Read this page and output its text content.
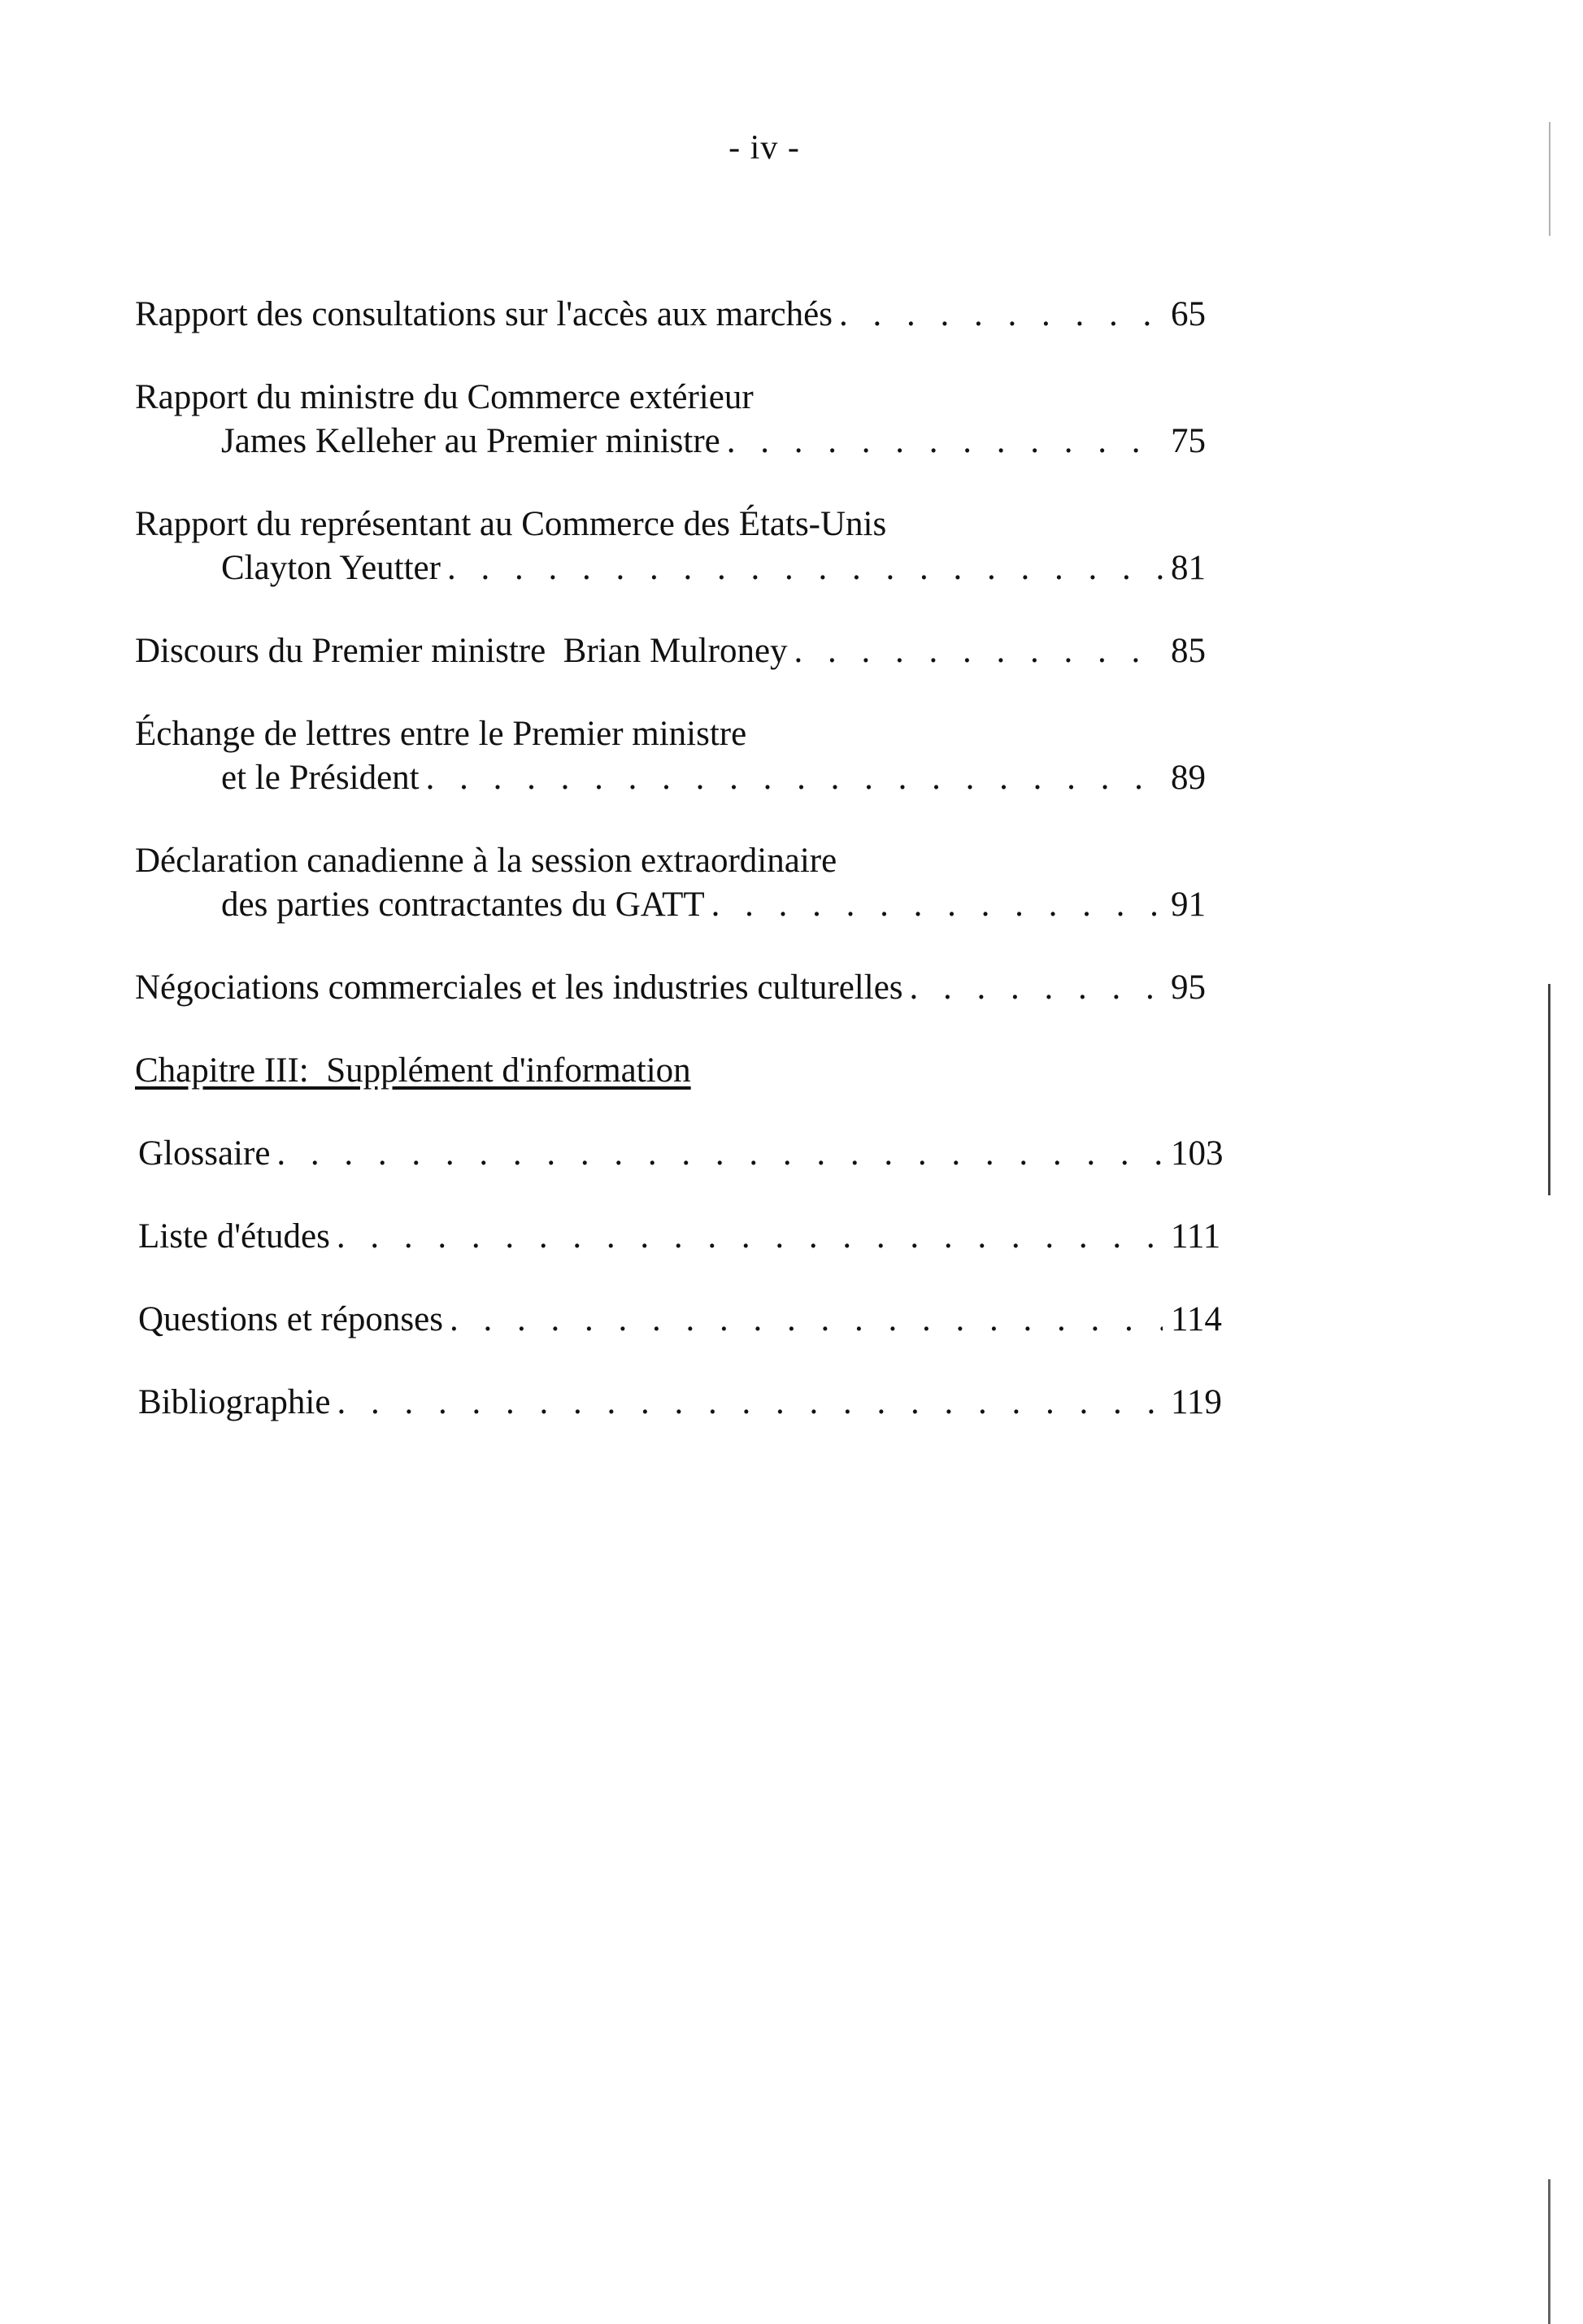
- iv -
Rapport des consultations sur l'accès aux marchés . . .	65
Rapport du ministre du Commerce extérieur
James Kelleher au Premier ministre . . .	75
Rapport du représentant au Commerce des États-Unis
Clayton Yeutter . . .	81
Discours du Premier ministre  Brian Mulroney . . .	85
Échange de lettres entre le Premier ministre
et le Président . . .	89
Déclaration canadienne à la session extraordinaire
des parties contractantes du GATT . . .	91
Négociations commerciales et les industries culturelles . . .	95
Chapitre III:  Supplément d'information
Glossaire . . .	103
Liste d'études . . .	111
Questions et réponses . . .	114
Bibliographie . . .	119
